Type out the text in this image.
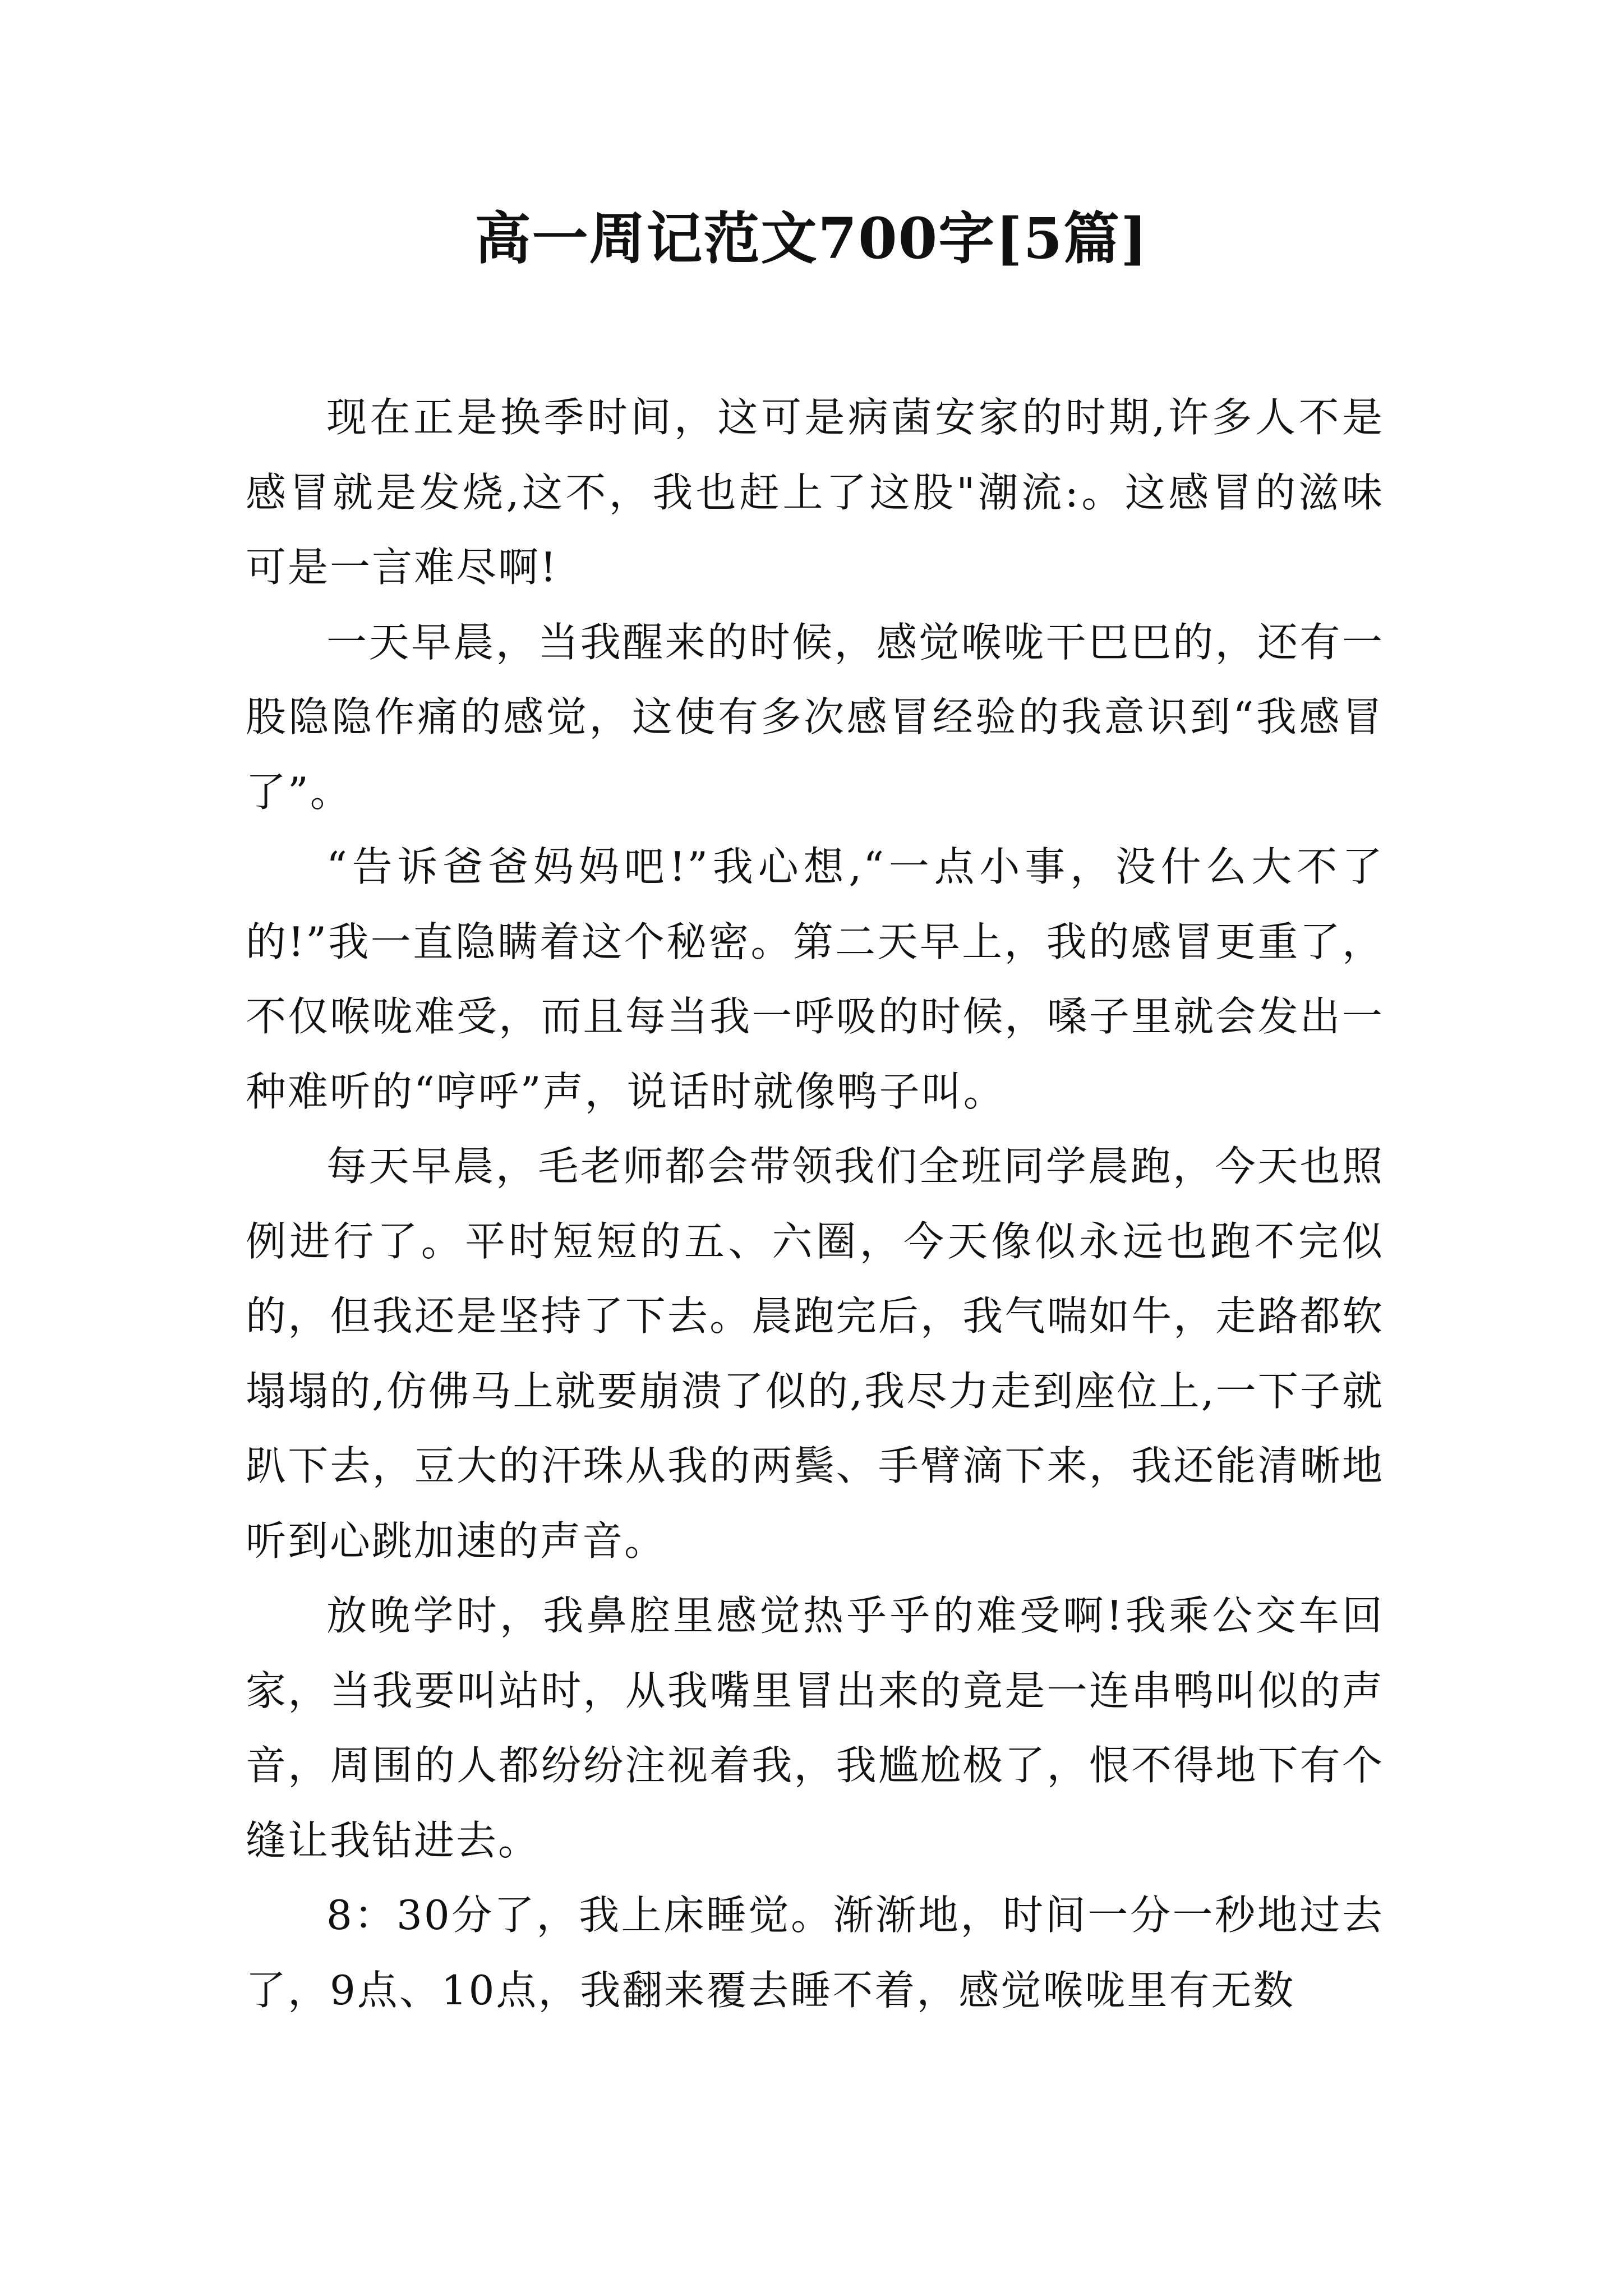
高一周记范文700字[5篇]

现在正是换季时间，这可是病菌安家的时期,许多人不是感冒就是发烧,这不，我也赶上了这股"潮流:。这感冒的滋味可是一言难尽啊!

一天早晨，当我醒来的时候，感觉喉咙干巴巴的，还有一股隐隐作痛的感觉，这使有多次感冒经验的我意识到“我感冒了”。

“告诉爸爸妈妈吧!”我心想,“一点小事，没什么大不了的!”我一直隐瞒着这个秘密。第二天早上，我的感冒更重了，不仅喉咙难受，而且每当我一呼吸的时候，嗓子里就会发出一种难听的“哼呼”声，说话时就像鸭子叫。

每天早晨，毛老师都会带领我们全班同学晨跑，今天也照例进行了。平时短短的五、六圈，今天像似永远也跑不完似的，但我还是坚持了下去。晨跑完后，我气喘如牛，走路都软塌塌的,仿佛马上就要崩溃了似的,我尽力走到座位上,一下子就趴下去，豆大的汗珠从我的两鬓、手臂滴下来，我还能清晰地听到心跳加速的声音。

放晚学时，我鼻腔里感觉热乎乎的难受啊!我乘公交车回家，当我要叫站时，从我嘴里冒出来的竟是一连串鸭叫似的声音，周围的人都纷纷注视着我，我尴尬极了，恨不得地下有个缝让我钻进去。

8：30分了，我上床睡觉。渐渐地，时间一分一秒地过去了，9点、10点，我翻来覆去睡不着，感觉喉咙里有无数
